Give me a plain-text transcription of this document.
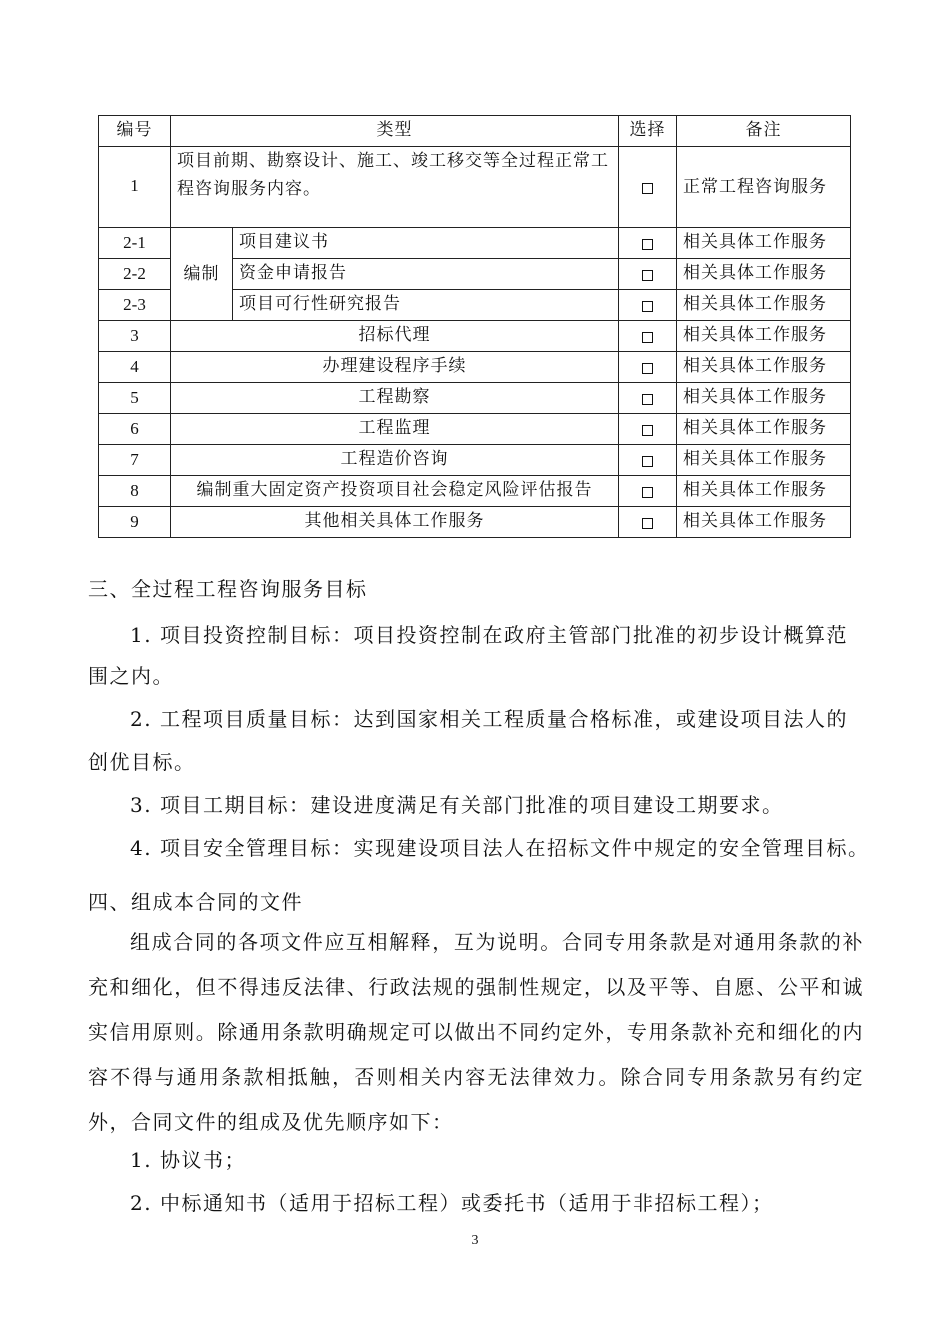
编号	类型		选择	备注
1	项目前期、勘察设计、施工、竣工移交等全过程正常工程咨询服务内容。			正常工程咨询服务
2-1	编制	项目建议书		相关具体工作服务
2-2		资金申请报告		相关具体工作服务
2-3		项目可行性研究报告		相关具体工作服务
3	招标代理			相关具体工作服务
4	办理建设程序手续			相关具体工作服务
5	工程勘察			相关具体工作服务
6	工程监理			相关具体工作服务
7	工程造价咨询			相关具体工作服务
8	编制重大固定资产投资项目社会稳定风险评估报告			相关具体工作服务
9	其他相关具体工作服务			相关具体工作服务
三、全过程工程咨询服务目标
1. 项目投资控制目标：项目投资控制在政府主管部门批准的初步设计概算范
围之内。
2. 工程项目质量目标：达到国家相关工程质量合格标准，或建设项目法人的
创优目标。
3. 项目工期目标：建设进度满足有关部门批准的项目建设工期要求。
4. 项目安全管理目标：实现建设项目法人在招标文件中规定的安全管理目标。
四、组成本合同的文件
组成合同的各项文件应互相解释，互为说明。合同专用条款是对通用条款的补充和细化，但不得违反法律、行政法规的强制性规定，以及平等、自愿、公平和诚实信用原则。除通用条款明确规定可以做出不同约定外，专用条款补充和细化的内容不得与通用条款相抵触，否则相关内容无法律效力。除合同专用条款另有约定外，合同文件的组成及优先顺序如下：
1. 协议书；
2. 中标通知书（适用于招标工程）或委托书（适用于非招标工程）；
3
